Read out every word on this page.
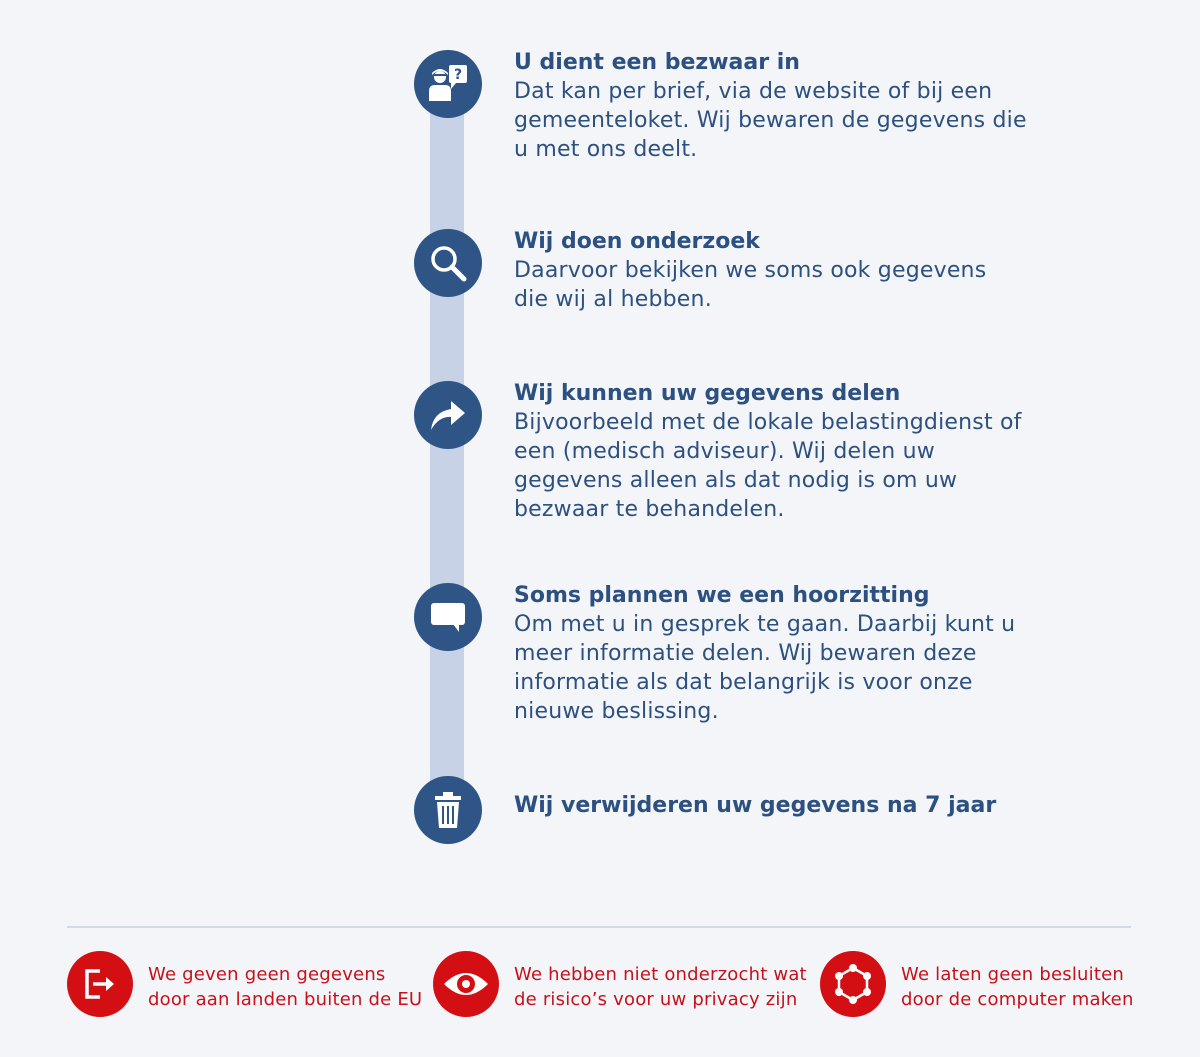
? U dient een bezwaar in

Dat kan per brief, via de website of bij een
gemeenteloket. Wij bewaren de gegevens die
u met ons deelt.

Wij doen onderzoek

Daarvoor bekijken we soms ook gegevens
die wij al hebben.

Wij kunnen uw gegevens delen

Bijvoorbeeld met de lokale belastingdienst of
een (medisch adviseur). Wij delen uw
gegevens alleen als dat nodig is om uw
bezwaar te behandelen.

Soms plannen we een hoorzitting

Om met u in gesprek te gaan. Daarbij kunt u
meer informatie delen. Wij bewaren deze
informatie als dat belangrijk is voor onze
nieuwe beslissing.

Wij verwijderen uw gegevens na 7 jaar

We geven geen gegevens
door aan landen buiten de EU
We hebben niet onderzocht wat
de risico’s voor uw privacy zijn
We laten geen besluiten
door de computer maken
